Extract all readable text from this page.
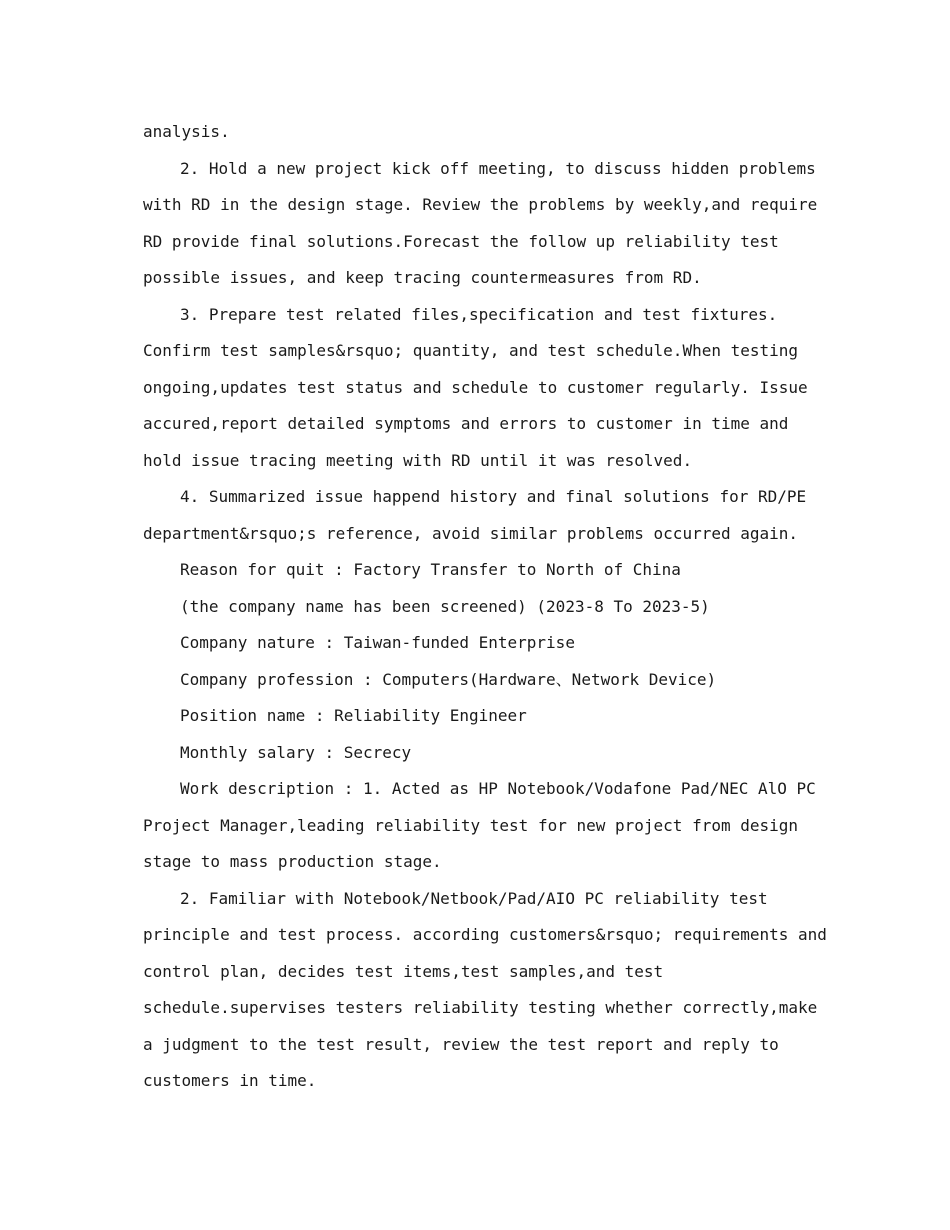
analysis.
2. Hold a new project kick off meeting, to discuss hidden problems
with RD in the design stage. Review the problems by weekly,and require
RD provide final solutions.Forecast the follow up reliability test
possible issues, and keep tracing countermeasures from RD.
3. Prepare test related files,specification and test fixtures.
Confirm test samples&rsquo; quantity, and test schedule.When testing
ongoing,updates test status and schedule to customer regularly. Issue
accured,report detailed symptoms and errors to customer in time and
hold issue tracing meeting with RD until it was resolved.
4. Summarized issue happend history and final solutions for RD/PE
department&rsquo;s reference, avoid similar problems occurred again.
Reason for quit : Factory Transfer to North of China
(the company name has been screened) (2023-8 To 2023-5)
Company nature : Taiwan-funded Enterprise
Company profession : Computers(Hardware、Network Device)
Position name : Reliability Engineer
Monthly salary : Secrecy
Work description : 1. Acted as HP Notebook/Vodafone Pad/NEC AlO PC
Project Manager,leading reliability test for new project from design
stage to mass production stage.
2. Familiar with Notebook/Netbook/Pad/AIO PC reliability test
principle and test process. according customers&rsquo; requirements and
control plan, decides test items,test samples,and test
schedule.supervises testers reliability testing whether correctly,make
a judgment to the test result, review the test report and reply to
customers in time.
